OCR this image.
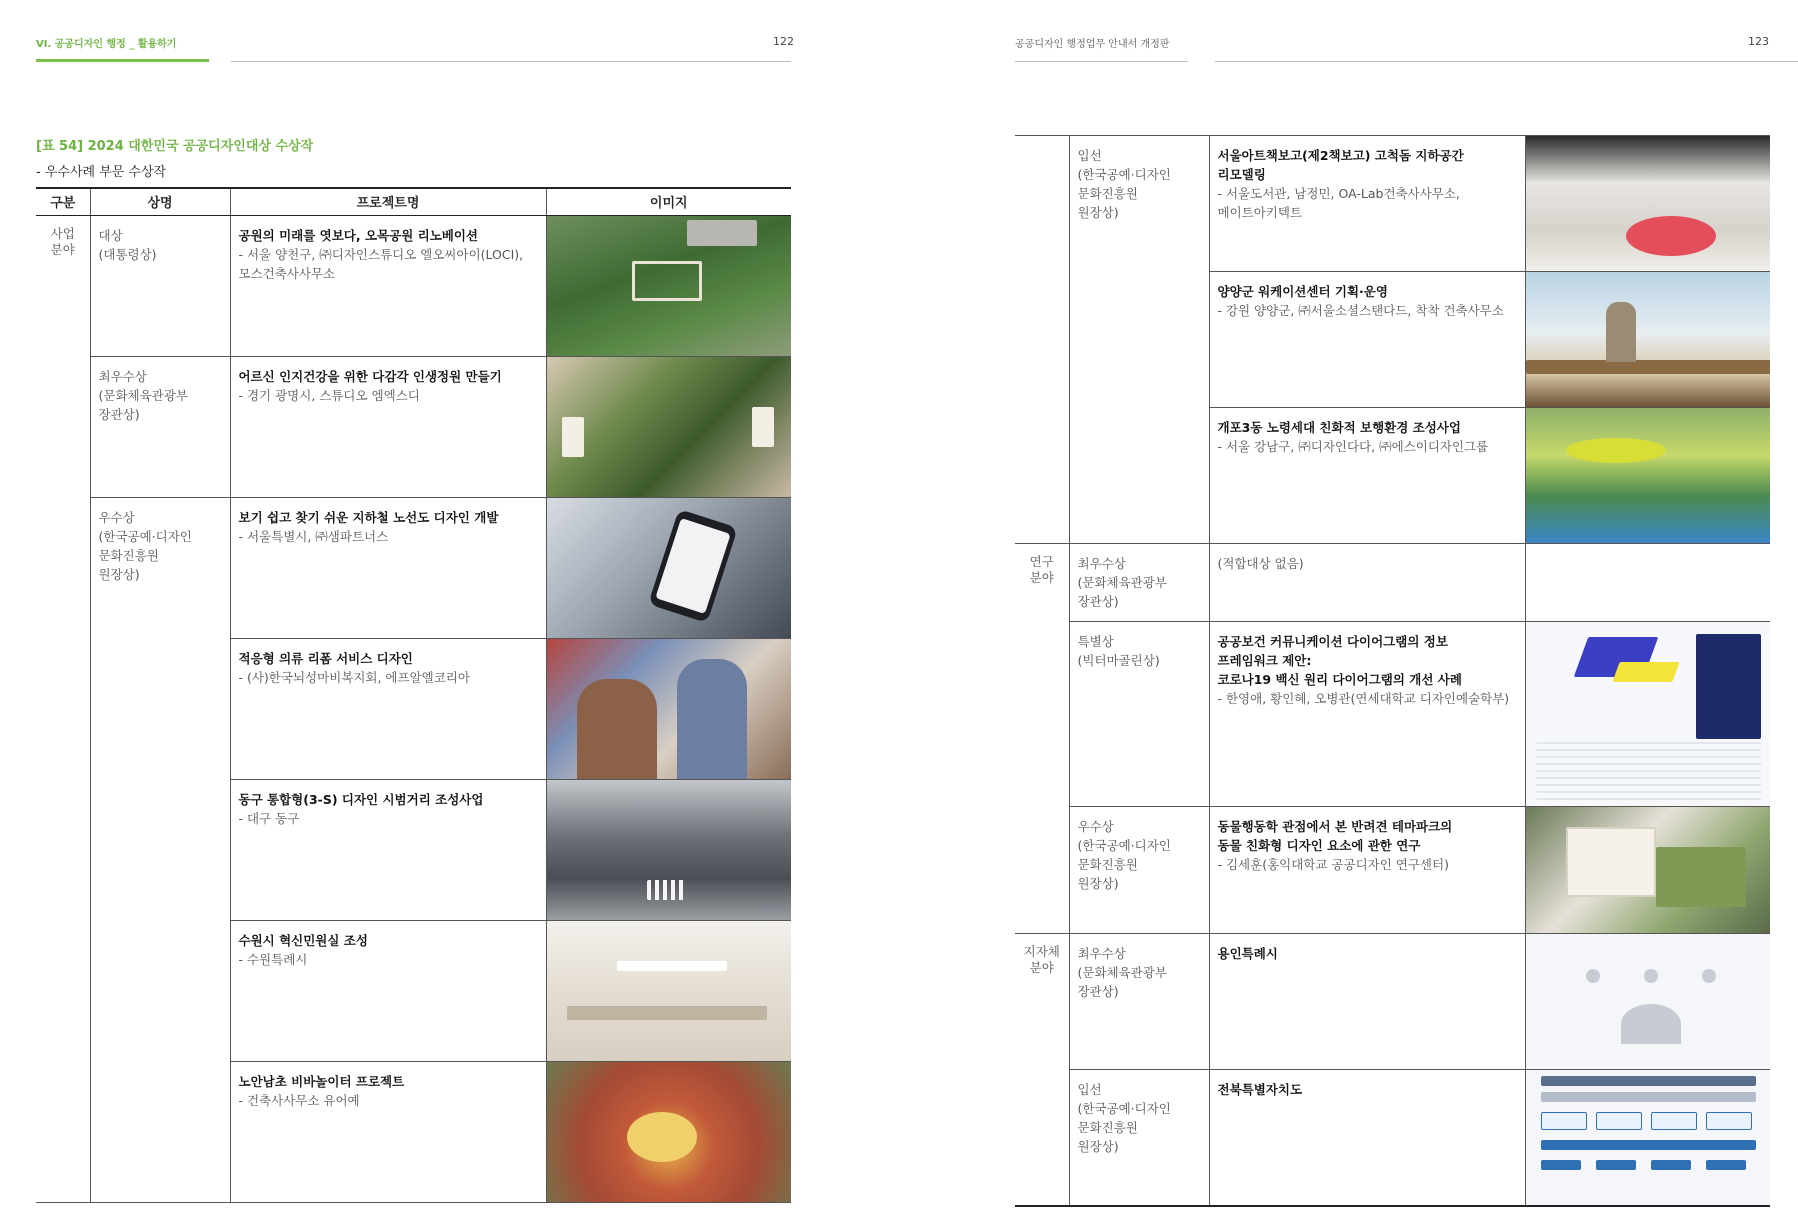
VI. 공공디자인 행정 _ 활용하기	122
[표 54] 2024 대한민국 공공디자인대상 수상작
- 우수사례 부문 수상작
구분	상명	프로젝트명	이미지
사업
분야	대상
(대통령상)	공원의 미래를 엿보다, 오목공원 리노베이션
- 서울 양천구, ㈜디자인스튜디오 엘오씨아이(LOCI),
모스건축사사무소	

	최우수상
(문화체육관광부
장관상)	어르신 인지건강을 위한 다감각 인생정원 만들기
- 경기 광명시, 스튜디오 엠엑스디	

	우수상
(한국공예·디자인
문화진흥원
원장상)	보기 쉽고 찾기 쉬운 지하철 노선도 디자인 개발
- 서울특별시, ㈜샘파트너스	

		적응형 의류 리폼 서비스 디자인
- (사)한국뇌성마비복지회, 에프알엘코리아	

		동구 통합형(3-S) 디자인 시범거리 조성사업
- 대구 동구	

		수원시 혁신민원실 조성
- 수원특례시	

		노안남초 비바놀이터 프로젝트
- 건축사사무소 유어예	

공공디자인 행정업무 안내서 개정판	123
	입선
(한국공예·디자인
문화진흥원
원장상)	서울아트책보고(제2책보고) 고척돔 지하공간
리모델링
- 서울도서관, 남정민, OA-Lab건축사사무소,
메이트아키텍트	

		양양군 워케이션센터 기획·운영
- 강원 양양군, ㈜서울소셜스탠다드, 착착 건축사무소	

		개포3동 노령세대 친화적 보행환경 조성사업
- 서울 강남구, ㈜디자인다다, ㈜에스이디자인그룹	

연구
분야	최우수상
(문화체육관광부
장관상)	(적합대상 없음)	
	특별상
(빅터마골린상)	공공보건 커뮤니케이션 다이어그램의 정보
프레임워크 제안:
코로나19 백신 원리 다이어그램의 개선 사례
- 한영애, 황인혜, 오병관(연세대학교 디자인예술학부)	

	우수상
(한국공예·디자인
문화진흥원
원장상)	동물행동학 관점에서 본 반려견 테마파크의
동물 친화형 디자인 요소에 관한 연구
- 김세훈(홍익대학교 공공디자인 연구센터)	

지자체
분야	최우수상
(문화체육관광부
장관상)	용인특례시	

	입선
(한국공예·디자인
문화진흥원
원장상)	전북특별자치도	
